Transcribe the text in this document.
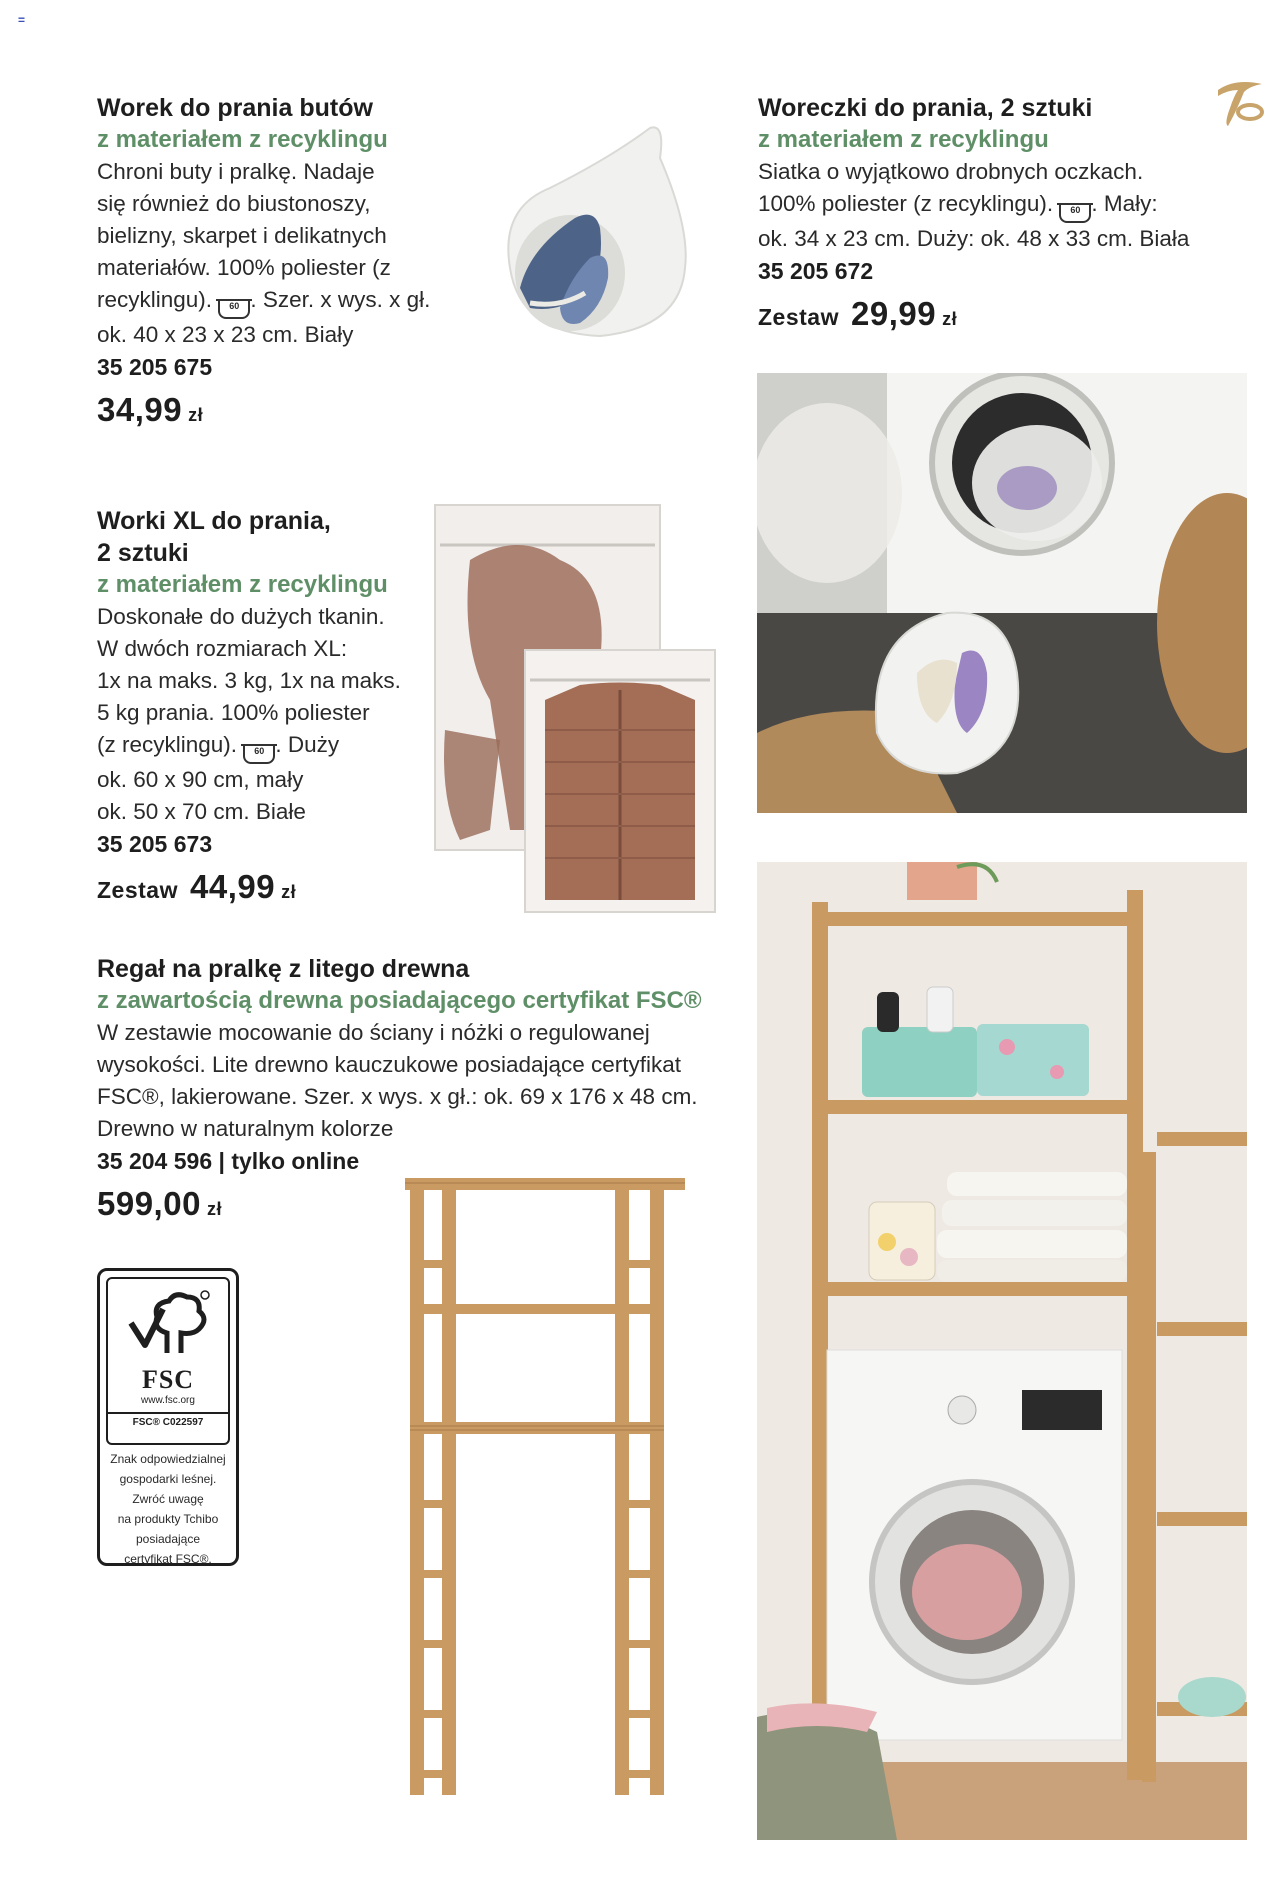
=
Worek do prania butów
z materiałem z recyklingu
Chroni buty i pralkę. Nadaje
się również do biustonoszy,
bielizny, skarpet i delikatnych
materiałów. 100% poliester (z
recyklingu). 60 . Szer. x wys. x gł.
ok. 40 x 23 x 23 cm. Biały
35 205 675
34,99 zł
Woreczki do prania, 2 sztuki
z materiałem z recyklingu
Siatka o wyjątkowo drobnych oczkach.
100% poliester (z recyklingu). 60 . Mały:
ok. 34 x 23 cm. Duży: ok. 48 x 33 cm. Biała
35 205 672
Zestaw 29,99 zł
Worki XL do prania,
2 sztuki
z materiałem z recyklingu
Doskonałe do dużych tkanin.
W dwóch rozmiarach XL:
1x na maks. 3 kg, 1x na maks.
5 kg prania. 100% poliester
(z recyklingu). 60 . Duży
ok. 60 x 90 cm, mały
ok. 50 x 70 cm. Białe
35 205 673
Zestaw 44,99 zł
Regał na pralkę z litego drewna
z zawartością drewna posiadającego certyfikat FSC®
W zestawie mocowanie do ściany i nóżki o regulowanej
wysokości. Lite drewno kauczukowe posiadające certyfikat
FSC®, lakierowane. Szer. x wys. x gł.: ok. 69 x 176 x 48 cm.
Drewno w naturalnym kolorze
35 204 596 | tylko online
599,00 zł
FSC
www.fsc.org
FSC® C022597
Znak odpowiedzialnej
gospodarki leśnej.
Zwróć uwagę
na produkty Tchibo
posiadające
certyfikat FSC®.
